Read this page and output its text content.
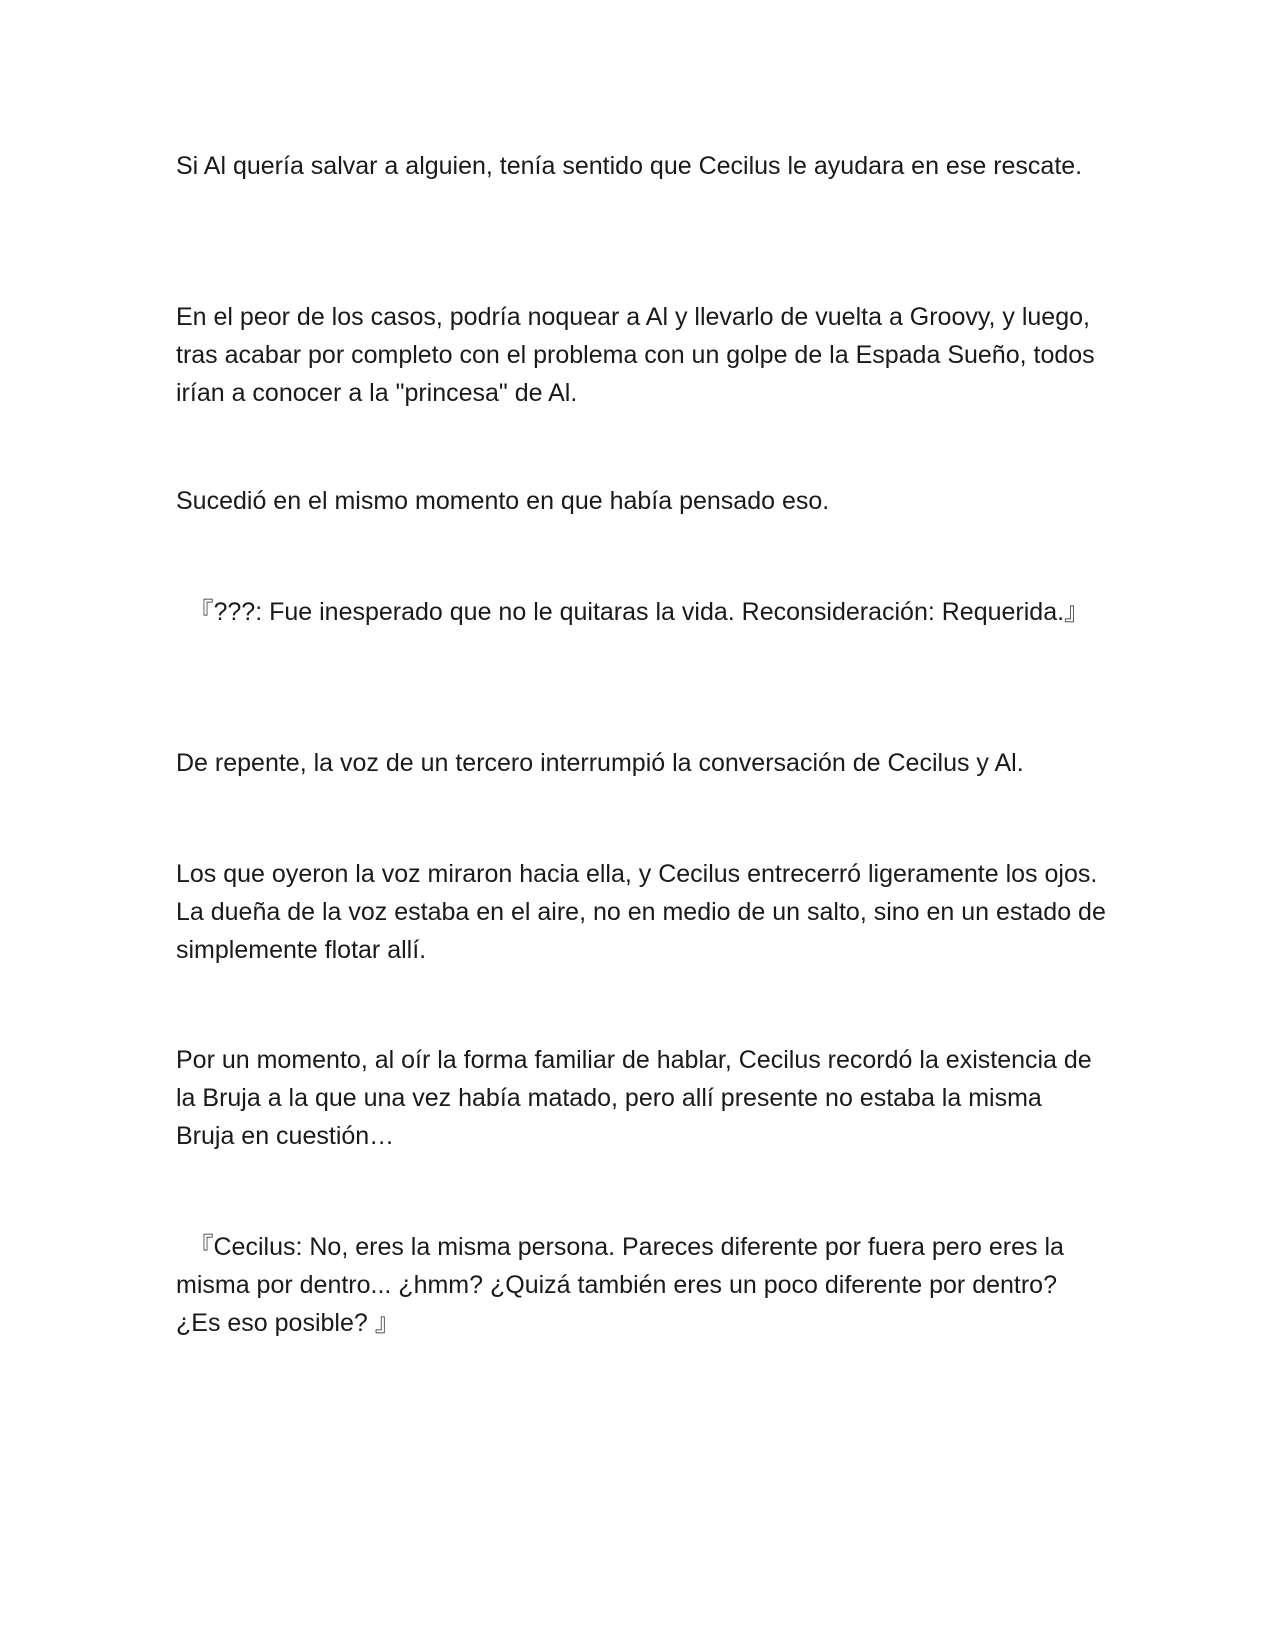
Si Al quería salvar a alguien, tenía sentido que Cecilus le ayudara en ese rescate.

En el peor de los casos, podría noquear a Al y llevarlo de vuelta a Groovy, y luego, tras acabar por completo con el problema con un golpe de la Espada Sueño, todos irían a conocer a la "princesa" de Al.

Sucedió en el mismo momento en que había pensado eso.

　『???: Fue inesperado que no le quitaras la vida. Reconsideración: Requerida.』

De repente, la voz de un tercero interrumpió la conversación de Cecilus y Al.

Los que oyeron la voz miraron hacia ella, y Cecilus entrecerró ligeramente los ojos. La dueña de la voz estaba en el aire, no en medio de un salto, sino en un estado de simplemente flotar allí.

Por un momento, al oír la forma familiar de hablar, Cecilus recordó la existencia de la Bruja a la que una vez había matado, pero allí presente no estaba la misma Bruja en cuestión…

　『Cecilus: No, eres la misma persona. Pareces diferente por fuera pero eres la misma por dentro... ¿hmm? ¿Quizá también eres un poco diferente por dentro? ¿Es eso posible? 』
